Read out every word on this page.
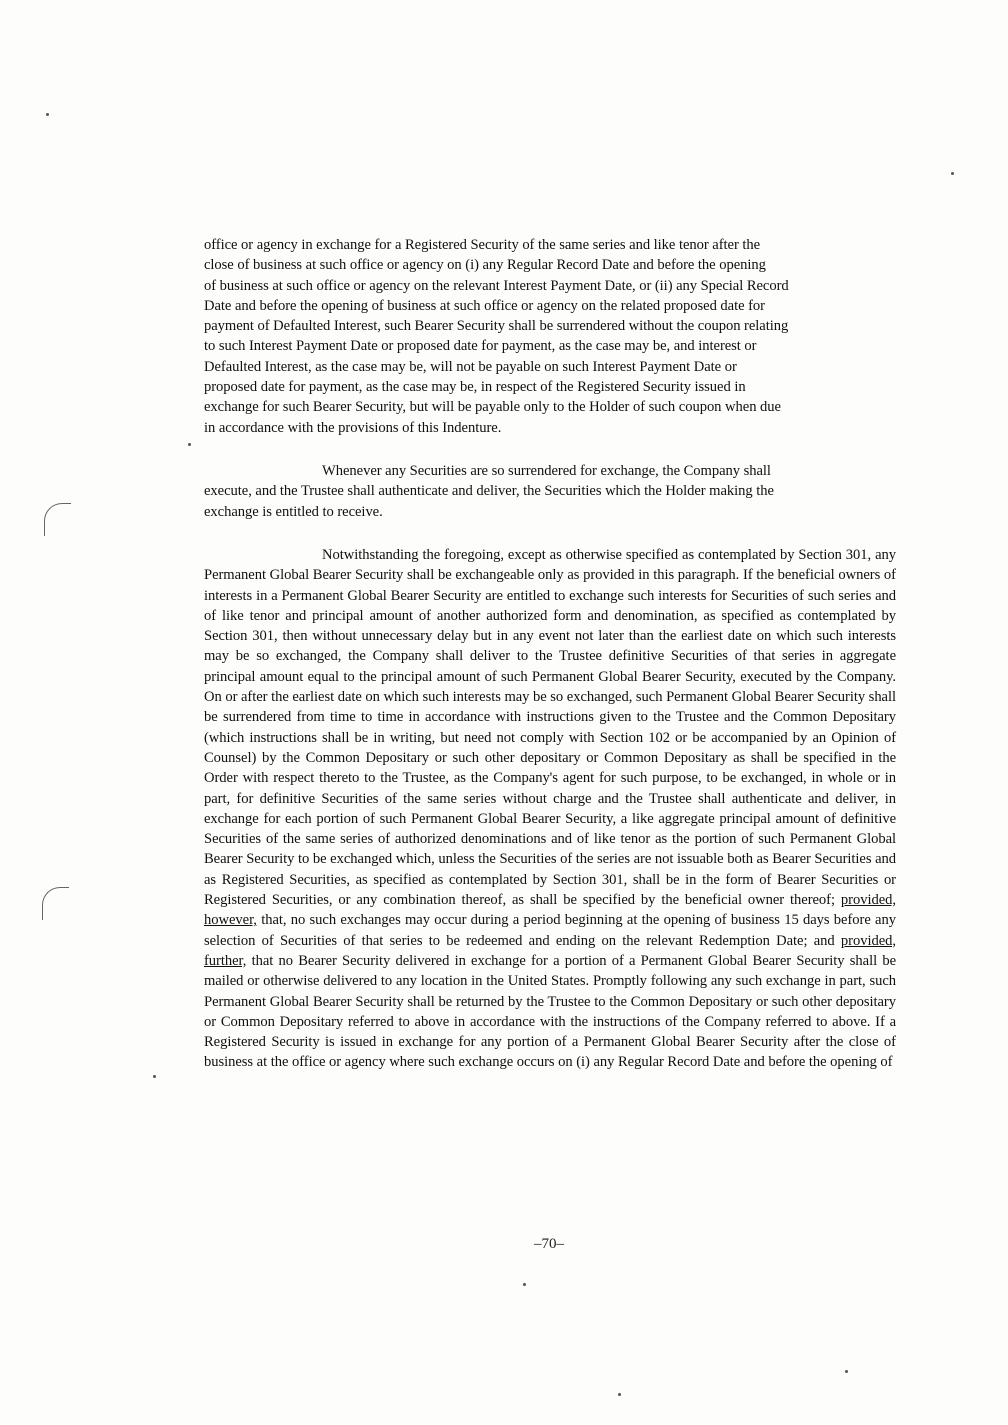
office or agency in exchange for a Registered Security of the same series and like tenor after the
close of business at such office or agency on (i) any Regular Record Date and before the opening
of business at such office or agency on the relevant Interest Payment Date, or (ii) any Special Record
Date and before the opening of business at such office or agency on the related proposed date for
payment of Defaulted Interest, such Bearer Security shall be surrendered without the coupon relating
to such Interest Payment Date or proposed date for payment, as the case may be, and interest or
Defaulted Interest, as the case may be, will not be payable on such Interest Payment Date or
proposed date for payment, as the case may be, in respect of the Registered Security issued in
exchange for such Bearer Security, but will be payable only to the Holder of such coupon when due
in accordance with the provisions of this Indenture.
Whenever any Securities are so surrendered for exchange, the Company shall
execute, and the Trustee shall authenticate and deliver, the Securities which the Holder making the
exchange is entitled to receive.
Notwithstanding the foregoing, except as otherwise specified as contemplated by Section 301, any Permanent Global Bearer Security shall be exchangeable only as provided in this paragraph. If the beneficial owners of interests in a Permanent Global Bearer Security are entitled to exchange such interests for Securities of such series and of like tenor and principal amount of another authorized form and denomination, as specified as contemplated by Section 301, then without unnecessary delay but in any event not later than the earliest date on which such interests may be so exchanged, the Company shall deliver to the Trustee definitive Securities of that series in aggregate principal amount equal to the principal amount of such Permanent Global Bearer Security, executed by the Company. On or after the earliest date on which such interests may be so exchanged, such Permanent Global Bearer Security shall be surrendered from time to time in accordance with instructions given to the Trustee and the Common Depositary (which instructions shall be in writing, but need not comply with Section 102 or be accompanied by an Opinion of Counsel) by the Common Depositary or such other depositary or Common Depositary as shall be specified in the Order with respect thereto to the Trustee, as the Company's agent for such purpose, to be exchanged, in whole or in part, for definitive Securities of the same series without charge and the Trustee shall authenticate and deliver, in exchange for each portion of such Permanent Global Bearer Security, a like aggregate principal amount of definitive Securities of the same series of authorized denominations and of like tenor as the portion of such Permanent Global Bearer Security to be exchanged which, unless the Securities of the series are not issuable both as Bearer Securities and as Registered Securities, as specified as contemplated by Section 301, shall be in the form of Bearer Securities or Registered Securities, or any combination thereof, as shall be specified by the beneficial owner thereof; provided, however, that, no such exchanges may occur during a period beginning at the opening of business 15 days before any selection of Securities of that series to be redeemed and ending on the relevant Redemption Date; and provided, further, that no Bearer Security delivered in exchange for a portion of a Permanent Global Bearer Security shall be mailed or otherwise delivered to any location in the United States. Promptly following any such exchange in part, such Permanent Global Bearer Security shall be returned by the Trustee to the Common Depositary or such other depositary or Common Depositary referred to above in accordance with the instructions of the Company referred to above. If a Registered Security is issued in exchange for any portion of a Permanent Global Bearer Security after the close of business at the office or agency where such exchange occurs on (i) any Regular Record Date and before the opening of
–70–
